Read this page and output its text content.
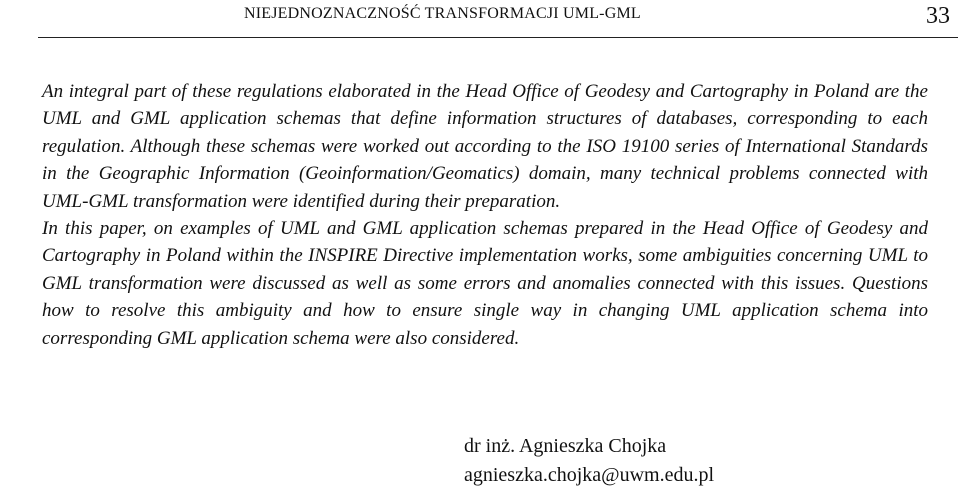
NIEJEDNOZNACZNOŚĆ TRANSFORMACJI UML-GML	33

An integral part of these regulations elaborated in the Head Office of Geodesy and Cartography in Poland are the UML and GML application schemas that define information structures of databases, corresponding to each regulation. Although these schemas were worked out according to the ISO 19100 series of International Standards in the Geographic Information (Geoinformation/Geomatics) domain, many technical problems connected with UML-GML transformation were identified during their preparation.

In this paper, on examples of UML and GML application schemas prepared in the Head Office of Geodesy and Cartography in Poland within the INSPIRE Directive implementation works, some ambiguities concerning UML to GML transformation were discussed as well as some errors and anomalies connected with this issues. Questions how to resolve this ambiguity and how to ensure single way in changing UML application schema into corresponding GML application schema were also considered.

dr inż. Agnieszka Chojka
agnieszka.chojka@uwm.edu.pl
